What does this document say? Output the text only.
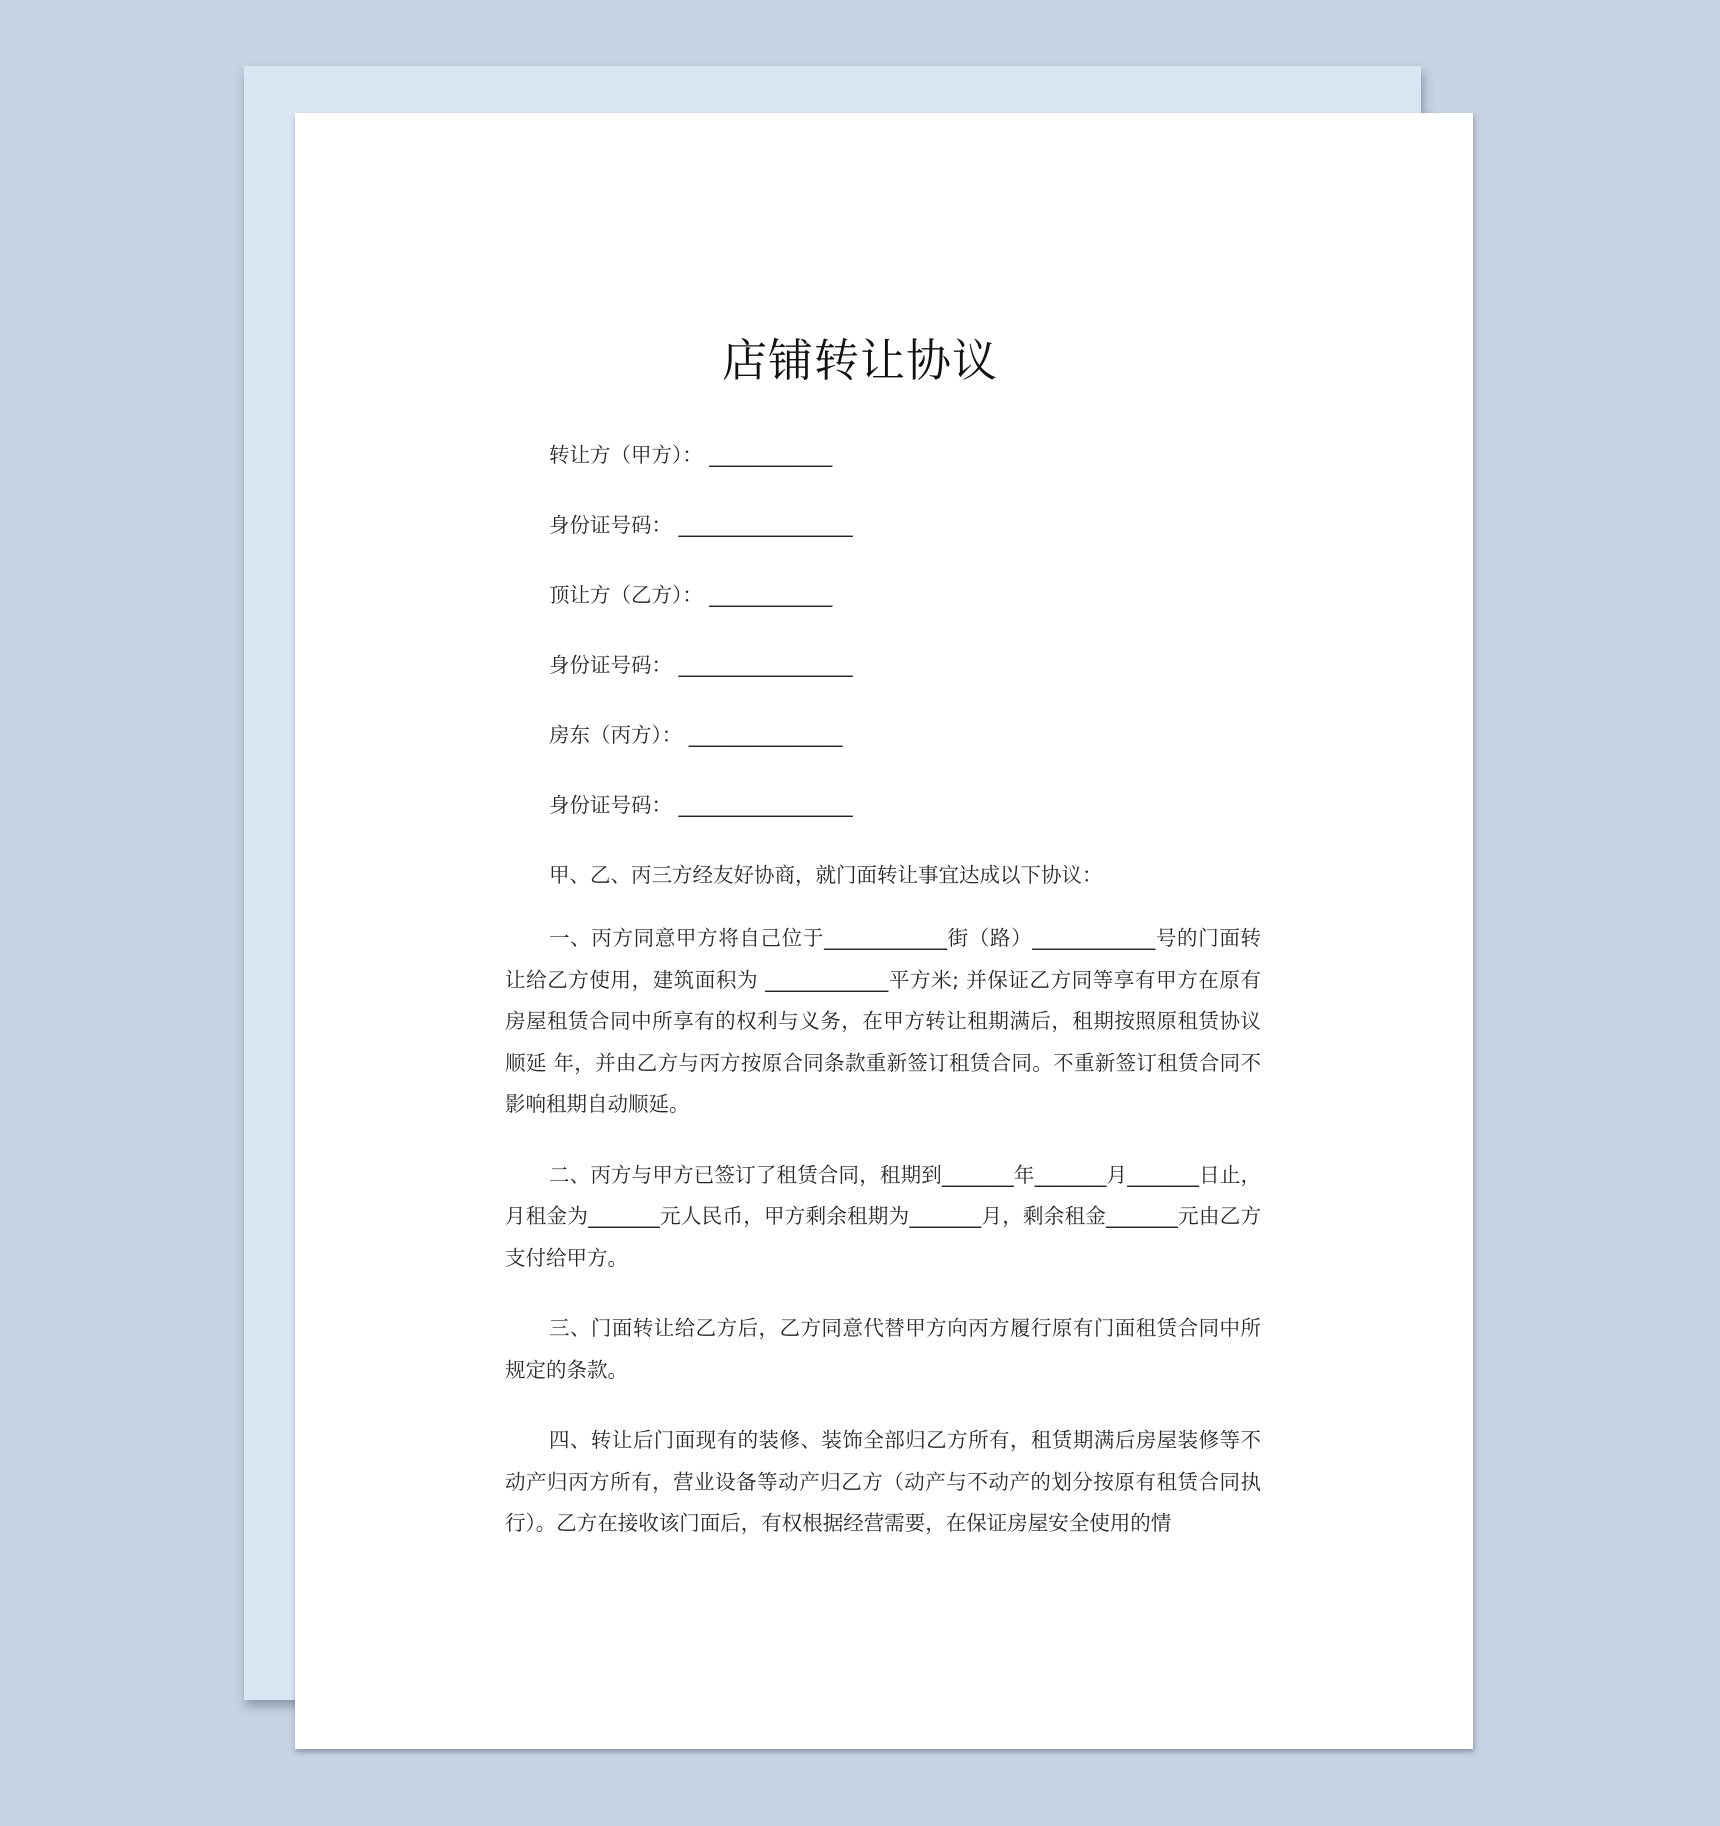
店铺转让协议
转让方（甲方）： ____________
身份证号码： _________________
顶让方（乙方）： ____________
身份证号码： _________________
房东（丙方）： _______________
身份证号码： _________________

甲、乙、丙三方经友好协商，就门面转让事宜达成以下协议：

一、丙方同意甲方将自己位于____________街（路）____________号的门面转让给乙方使用，建筑面积为 ____________平方米; 并保证乙方同等享有甲方在原有房屋租赁合同中所享有的权利与义务，在甲方转让租期满后，租期按照原租赁协议顺延 年，并由乙方与丙方按原合同条款重新签订租赁合同。不重新签订租赁合同不影响租期自动顺延。

二、丙方与甲方已签订了租赁合同，租期到_______年_______月_______日止，月租金为_______元人民币，甲方剩余租期为_______月，剩余租金_______元由乙方支付给甲方。

三、门面转让给乙方后，乙方同意代替甲方向丙方履行原有门面租赁合同中所规定的条款。

四、转让后门面现有的装修、装饰全部归乙方所有，租赁期满后房屋装修等不动产归丙方所有，营业设备等动产归乙方（动产与不动产的划分按原有租赁合同执行）。乙方在接收该门面后，有权根据经营需要，在保证房屋安全使用的情
